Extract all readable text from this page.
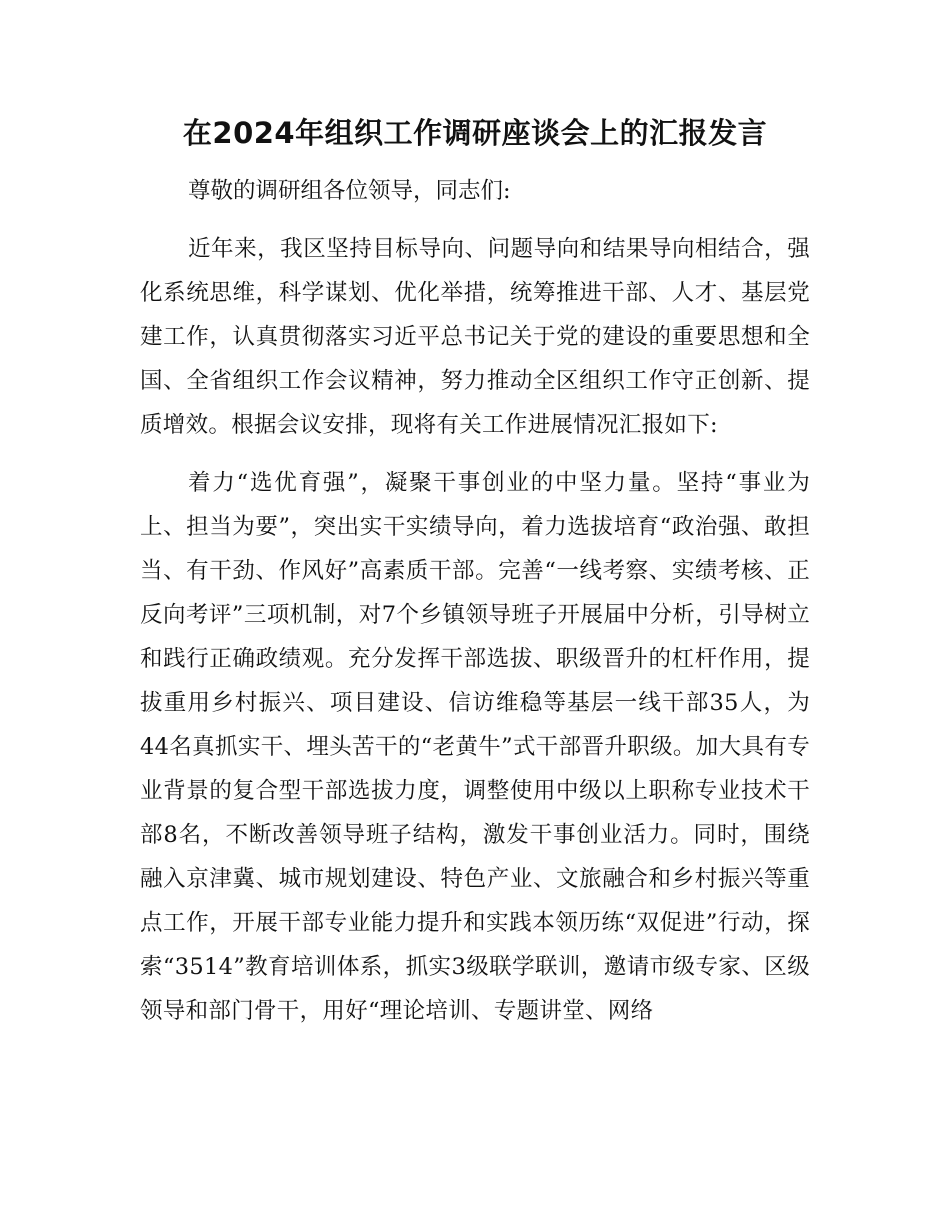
在2024年组织工作调研座谈会上的汇报发言

尊敬的调研组各位领导，同志们:

近年来，我区坚持目标导向、问题导向和结果导向相结合，强化系统思维，科学谋划、优化举措，统筹推进干部、人才、基层党建工作，认真贯彻落实习近平总书记关于党的建设的重要思想和全国、全省组织工作会议精神，努力推动全区组织工作守正创新、提质增效。根据会议安排，现将有关工作进展情况汇报如下:

着力“选优育强”，凝聚干事创业的中坚力量。坚持“事业为上、担当为要”，突出实干实绩导向，着力选拔培育“政治强、敢担当、有干劲、作风好”高素质干部。完善“一线考察、实绩考核、正反向考评”三项机制，对7个乡镇领导班子开展届中分析，引导树立和践行正确政绩观。充分发挥干部选拔、职级晋升的杠杆作用，提拔重用乡村振兴、项目建设、信访维稳等基层一线干部35人，为44名真抓实干、埋头苦干的“老黄牛”式干部晋升职级。加大具有专业背景的复合型干部选拔力度，调整使用中级以上职称专业技术干部8名，不断改善领导班子结构，激发干事创业活力。同时，围绕融入京津冀、城市规划建设、特色产业、文旅融合和乡村振兴等重点工作，开展干部专业能力提升和实践本领历练“双促进”行动，探索“3514”教育培训体系，抓实3级联学联训，邀请市级专家、区级领导和部门骨干，用好“理论培训、专题讲堂、网络
